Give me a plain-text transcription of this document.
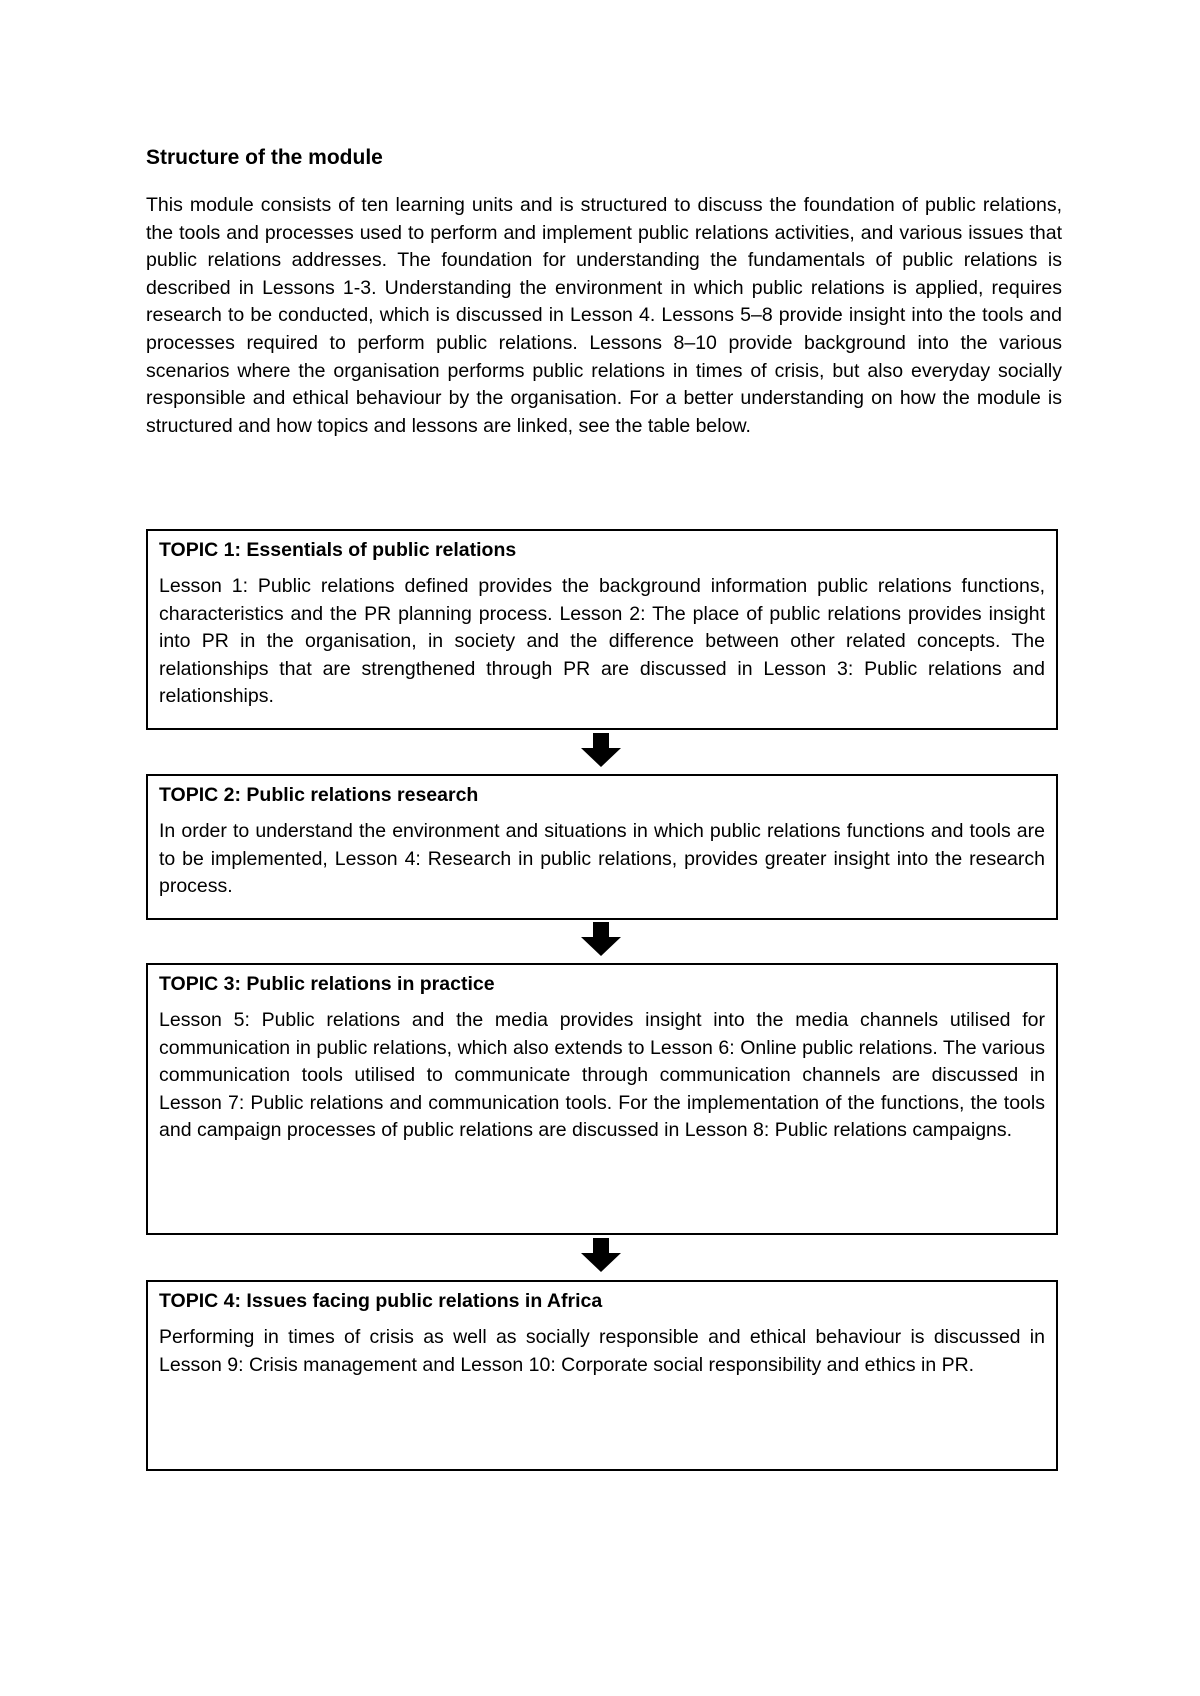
Structure of the module

This module consists of ten learning units and is structured to discuss the foundation of public relations, the tools and processes used to perform and implement public relations activities, and various issues that public relations addresses. The foundation for understanding the fundamentals of public relations is described in Lessons 1-3. Understanding the environment in which public relations is applied, requires research to be conducted, which is discussed in Lesson 4. Lessons 5–8 provide insight into the tools and processes required to perform public relations. Lessons 8–10 provide background into the various scenarios where the organisation performs public relations in times of crisis, but also everyday socially responsible and ethical behaviour by the organisation. For a better understanding on how the module is structured and how topics and lessons are linked, see the table below.

TOPIC 1: Essentials of public relations

Lesson 1: Public relations defined provides the background information public relations functions, characteristics and the PR planning process. Lesson 2: The place of public relations provides insight into PR in the organisation, in society and the difference between other related concepts. The relationships that are strengthened through PR are discussed in Lesson 3: Public relations and relationships.

TOPIC 2: Public relations research

In order to understand the environment and situations in which public relations functions and tools are to be implemented, Lesson 4: Research in public relations, provides greater insight into the research process.

TOPIC 3: Public relations in practice

Lesson 5: Public relations and the media provides insight into the media channels utilised for communication in public relations, which also extends to Lesson 6: Online public relations. The various communication tools utilised to communicate through communication channels are discussed in Lesson 7: Public relations and communication tools. For the implementation of the functions, the tools and campaign processes of public relations are discussed in Lesson 8: Public relations campaigns.

TOPIC 4: Issues facing public relations in Africa

Performing in times of crisis as well as socially responsible and ethical behaviour is discussed in Lesson 9: Crisis management and Lesson 10: Corporate social responsibility and ethics in PR.
